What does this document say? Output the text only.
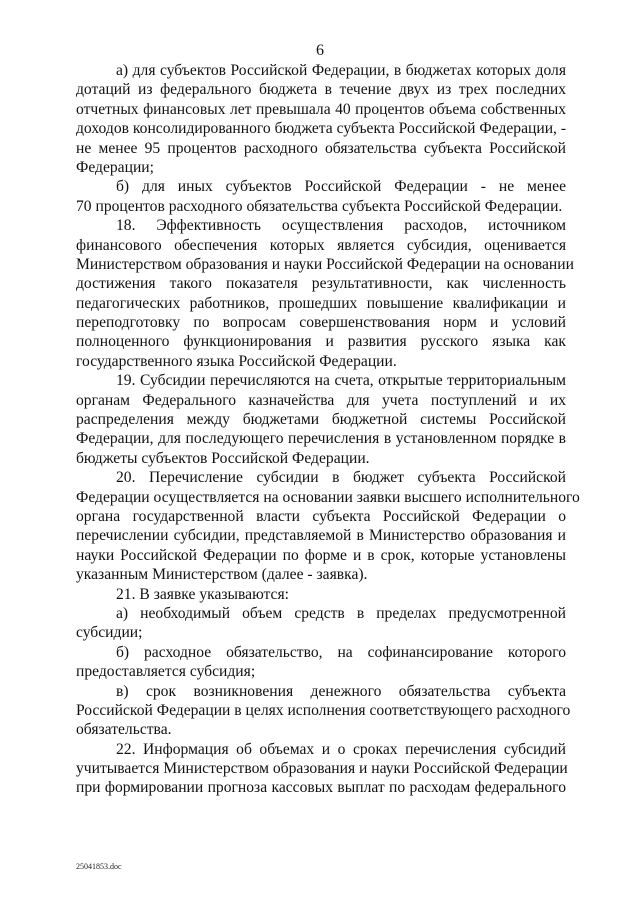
6
а) для субъектов Российской Федерации, в бюджетах которых доля
дотаций из федерального бюджета в течение двух из трех последних
отчетных финансовых лет превышала 40 процентов объема собственных
доходов консолидированного бюджета субъекта Российской Федерации, -
не менее 95 процентов расходного обязательства субъекта Российской
Федерации;
б) для иных субъектов Российской Федерации - не менее
70 процентов расходного обязательства субъекта Российской Федерации.
18. Эффективность осуществления расходов, источником
финансового обеспечения которых является субсидия, оценивается
Министерством образования и науки Российской Федерации на основании
достижения такого показателя результативности, как численность
педагогических работников, прошедших повышение квалификации и
переподготовку по вопросам совершенствования норм и условий
полноценного функционирования и развития русского языка как
государственного языка Российской Федерации.
19. Субсидии перечисляются на счета, открытые территориальным
органам Федерального казначейства для учета поступлений и их
распределения между бюджетами бюджетной системы Российской
Федерации, для последующего перечисления в установленном порядке в
бюджеты субъектов Российской Федерации.
20. Перечисление субсидии в бюджет субъекта Российской
Федерации осуществляется на основании заявки высшего исполнительного
органа государственной власти субъекта Российской Федерации о
перечислении субсидии, представляемой в Министерство образования и
науки Российской Федерации по форме и в срок, которые установлены
указанным Министерством (далее - заявка).
21. В заявке указываются:
а) необходимый объем средств в пределах предусмотренной
субсидии;
б) расходное обязательство, на софинансирование которого
предоставляется субсидия;
в) срок возникновения денежного обязательства субъекта
Российской Федерации в целях исполнения соответствующего расходного
обязательства.
22. Информация об объемах и о сроках перечисления субсидий
учитывается Министерством образования и науки Российской Федерации
при формировании прогноза кассовых выплат по расходам федерального
25041853.doc
